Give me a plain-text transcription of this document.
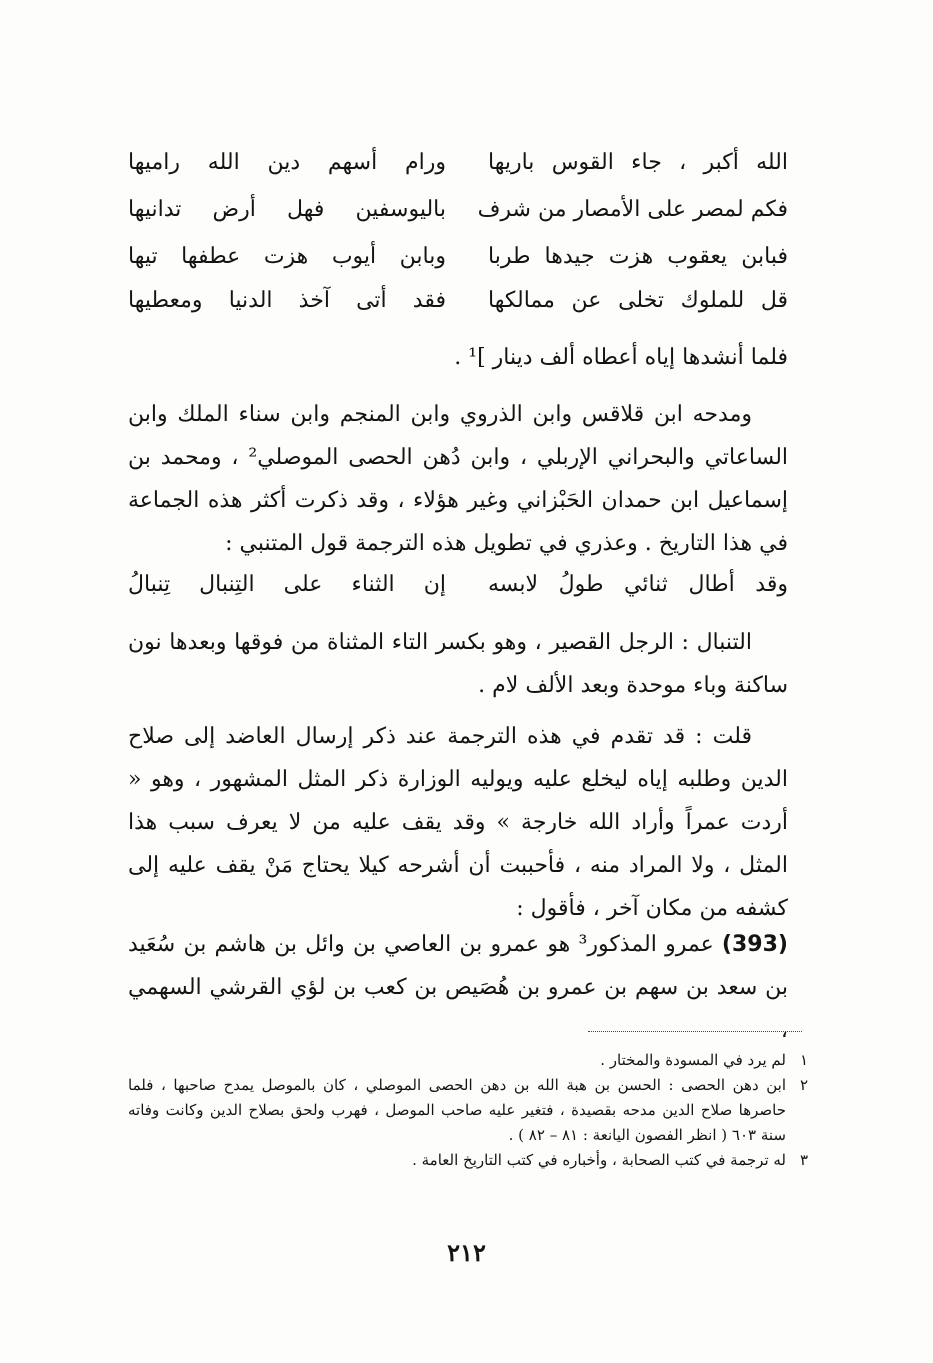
الله أكبر ، جاء القوس باريها
ورام أسهم دين الله راميها
فكم لمصر على الأمصار من شرف
باليوسفين فهل أرض تدانيها
فبابن يعقوب هزت جيدها طربا
وبابن أيوب هزت عطفها تيها
قل للملوك تخلى عن ممالكها
فقد أتى آخذ الدنيا ومعطيها
فلما أنشدها إياه أعطاه ألف دينار ]¹ .
ومدحه ابن قلاقس وابن الذروي وابن المنجم وابن سناء الملك وابن الساعاتي والبحراني الإربلي ، وابن دُهن الحصى الموصلي² ، ومحمد بن إسماعيل ابن حمدان الحَبْزاني وغير هؤلاء ، وقد ذكرت أكثر هذه الجماعة في هذا التاريخ . وعذري في تطويل هذه الترجمة قول المتنبي :
وقد أطال ثنائي طولُ لابسه
إن الثناء على التِنبال تِنبالُ
التنبال : الرجل القصير ، وهو بكسر التاء المثناة من فوقها وبعدها نون ساكنة وباء موحدة وبعد الألف لام .
قلت : قد تقدم في هذه الترجمة عند ذكر إرسال العاضد إلى صلاح الدين وطلبه إياه ليخلع عليه ويوليه الوزارة ذكر المثل المشهور ، وهو « أردت عمراً وأراد الله خارجة » وقد يقف عليه من لا يعرف سبب هذا المثل ، ولا المراد منه ، فأحببت أن أشرحه كيلا يحتاج مَنْ يقف عليه إلى كشفه من مكان آخر ، فأقول :
(393) عمرو المذكور³ هو عمرو بن العاصي بن وائل بن هاشم بن سُعَيد بن سعد بن سهم بن عمرو بن هُصَيص بن كعب بن لؤي القرشي السهمي ،
١
لم يرد في المسودة والمختار .
٢
ابن دهن الحصى : الحسن بن هبة الله بن دهن الحصى الموصلي ، كان بالموصل يمدح صاحبها ، فلما حاصرها صلاح الدين مدحه بقصيدة ، فتغير عليه صاحب الموصل ، فهرب ولحق بصلاح الدين وكانت وفاته سنة ٦٠٣ ( انظر الفصون اليانعة : ٨١ – ٨٢ ) .
٣
له ترجمة في كتب الصحابة ، وأخباره في كتب التاريخ العامة .
٢١٢
